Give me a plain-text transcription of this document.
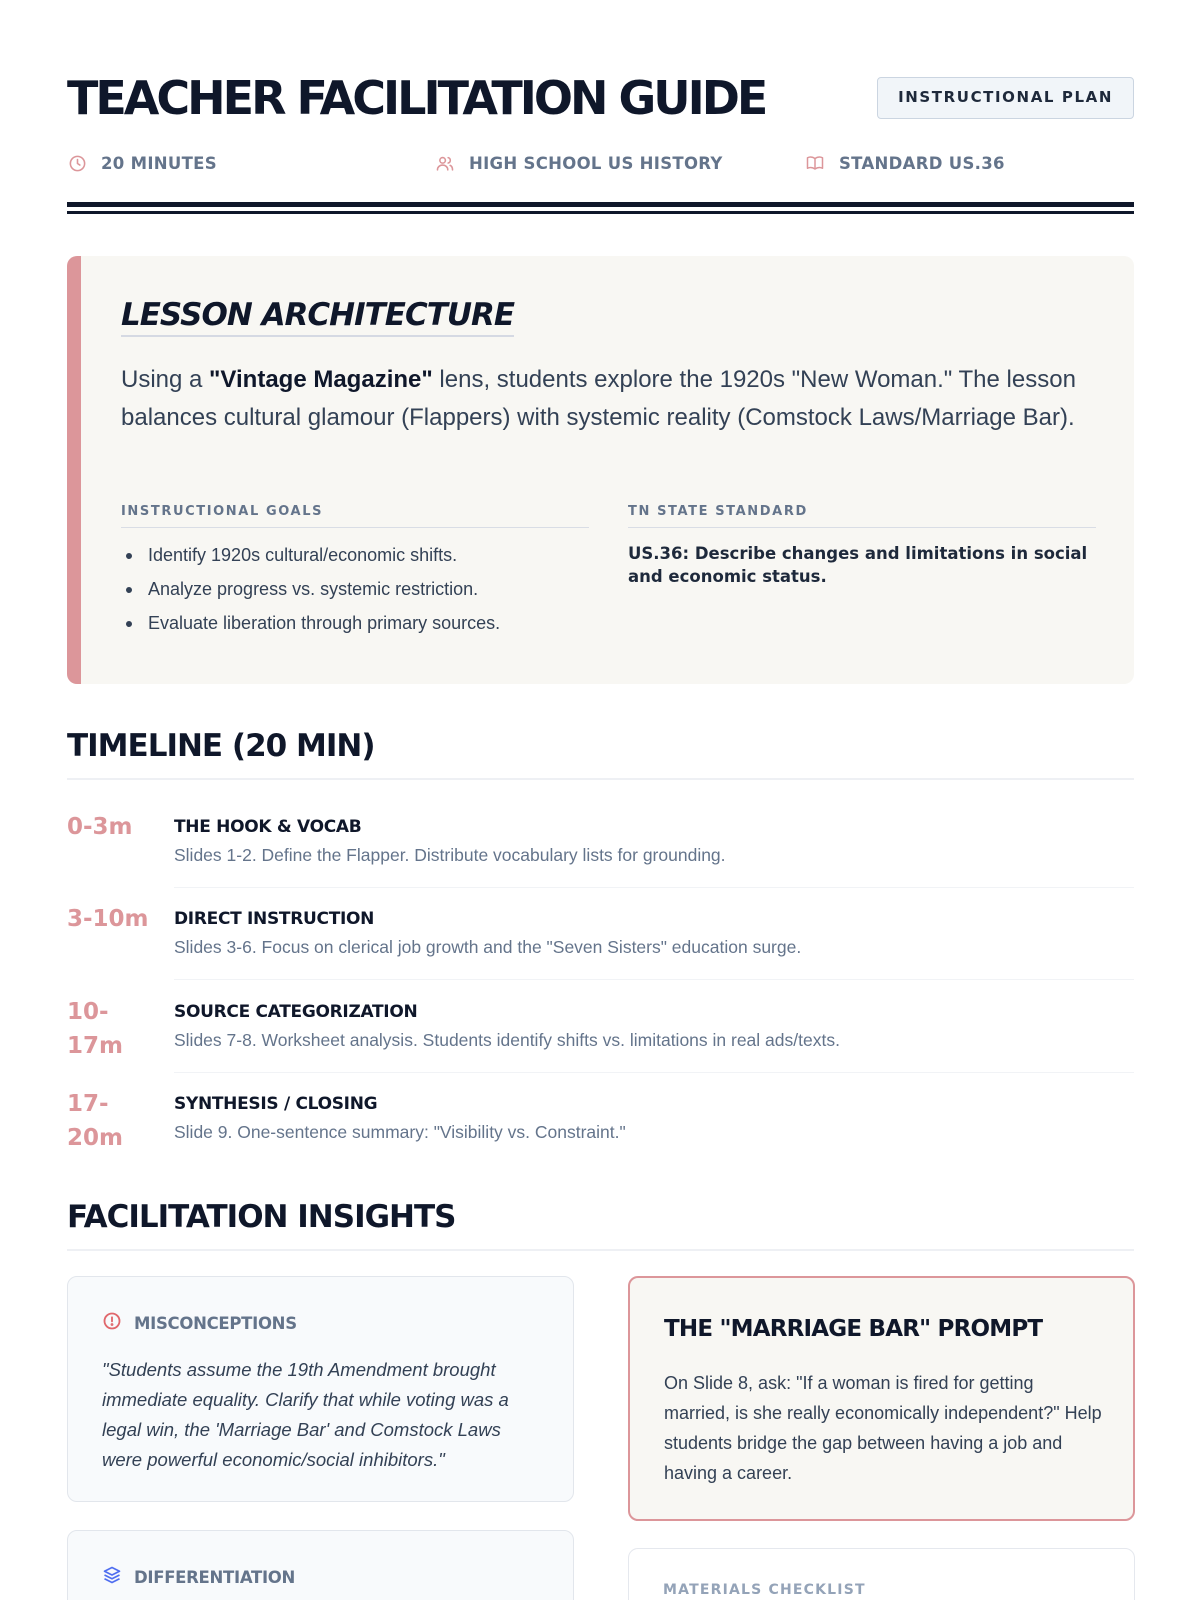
TEACHER FACILITATION GUIDE	INSTRUCTIONAL PLAN
20 MINUTES	HIGH SCHOOL US HISTORY	STANDARD US.36
LESSON ARCHITECTURE

Using a "Vintage Magazine" lens, students explore the 1920s "New Woman." The lesson balances cultural glamour (Flappers) with systemic reality (Comstock Laws/Marriage Bar).

INSTRUCTIONAL GOALS
Identify 1920s cultural/economic shifts.
Analyze progress vs. systemic restriction.
Evaluate liberation through primary sources.
TN STATE STANDARD

US.36: Describe changes and limitations in social and economic status.

TIMELINE (20 MIN)
0-3m	THE HOOK & VOCAB
Slides 1-2. Define the Flapper. Distribute vocabulary lists for grounding.
3-10m	DIRECT INSTRUCTION
Slides 3-6. Focus on clerical job growth and the "Seven Sisters" education surge.
10-17m
SOURCE CATEGORIZATION
Slides 7-8. Worksheet analysis. Students identify shifts vs. limitations in real ads/texts.
17-20m
SYNTHESIS / CLOSING
Slide 9. One-sentence summary: "Visibility vs. Constraint."
FACILITATION INSIGHTS
MISCONCEPTIONS

"Students assume the 19th Amendment brought immediate equality. Clarify that while voting was a legal win, the 'Marriage Bar' and Comstock Laws were powerful economic/social inhibitors."

DIFFERENTIATION
THE "MARRIAGE BAR" PROMPT

On Slide 8, ask: "If a woman is fired for getting married, is she really economically independent?" Help students bridge the gap between having a job and having a career.

MATERIALS CHECKLIST
